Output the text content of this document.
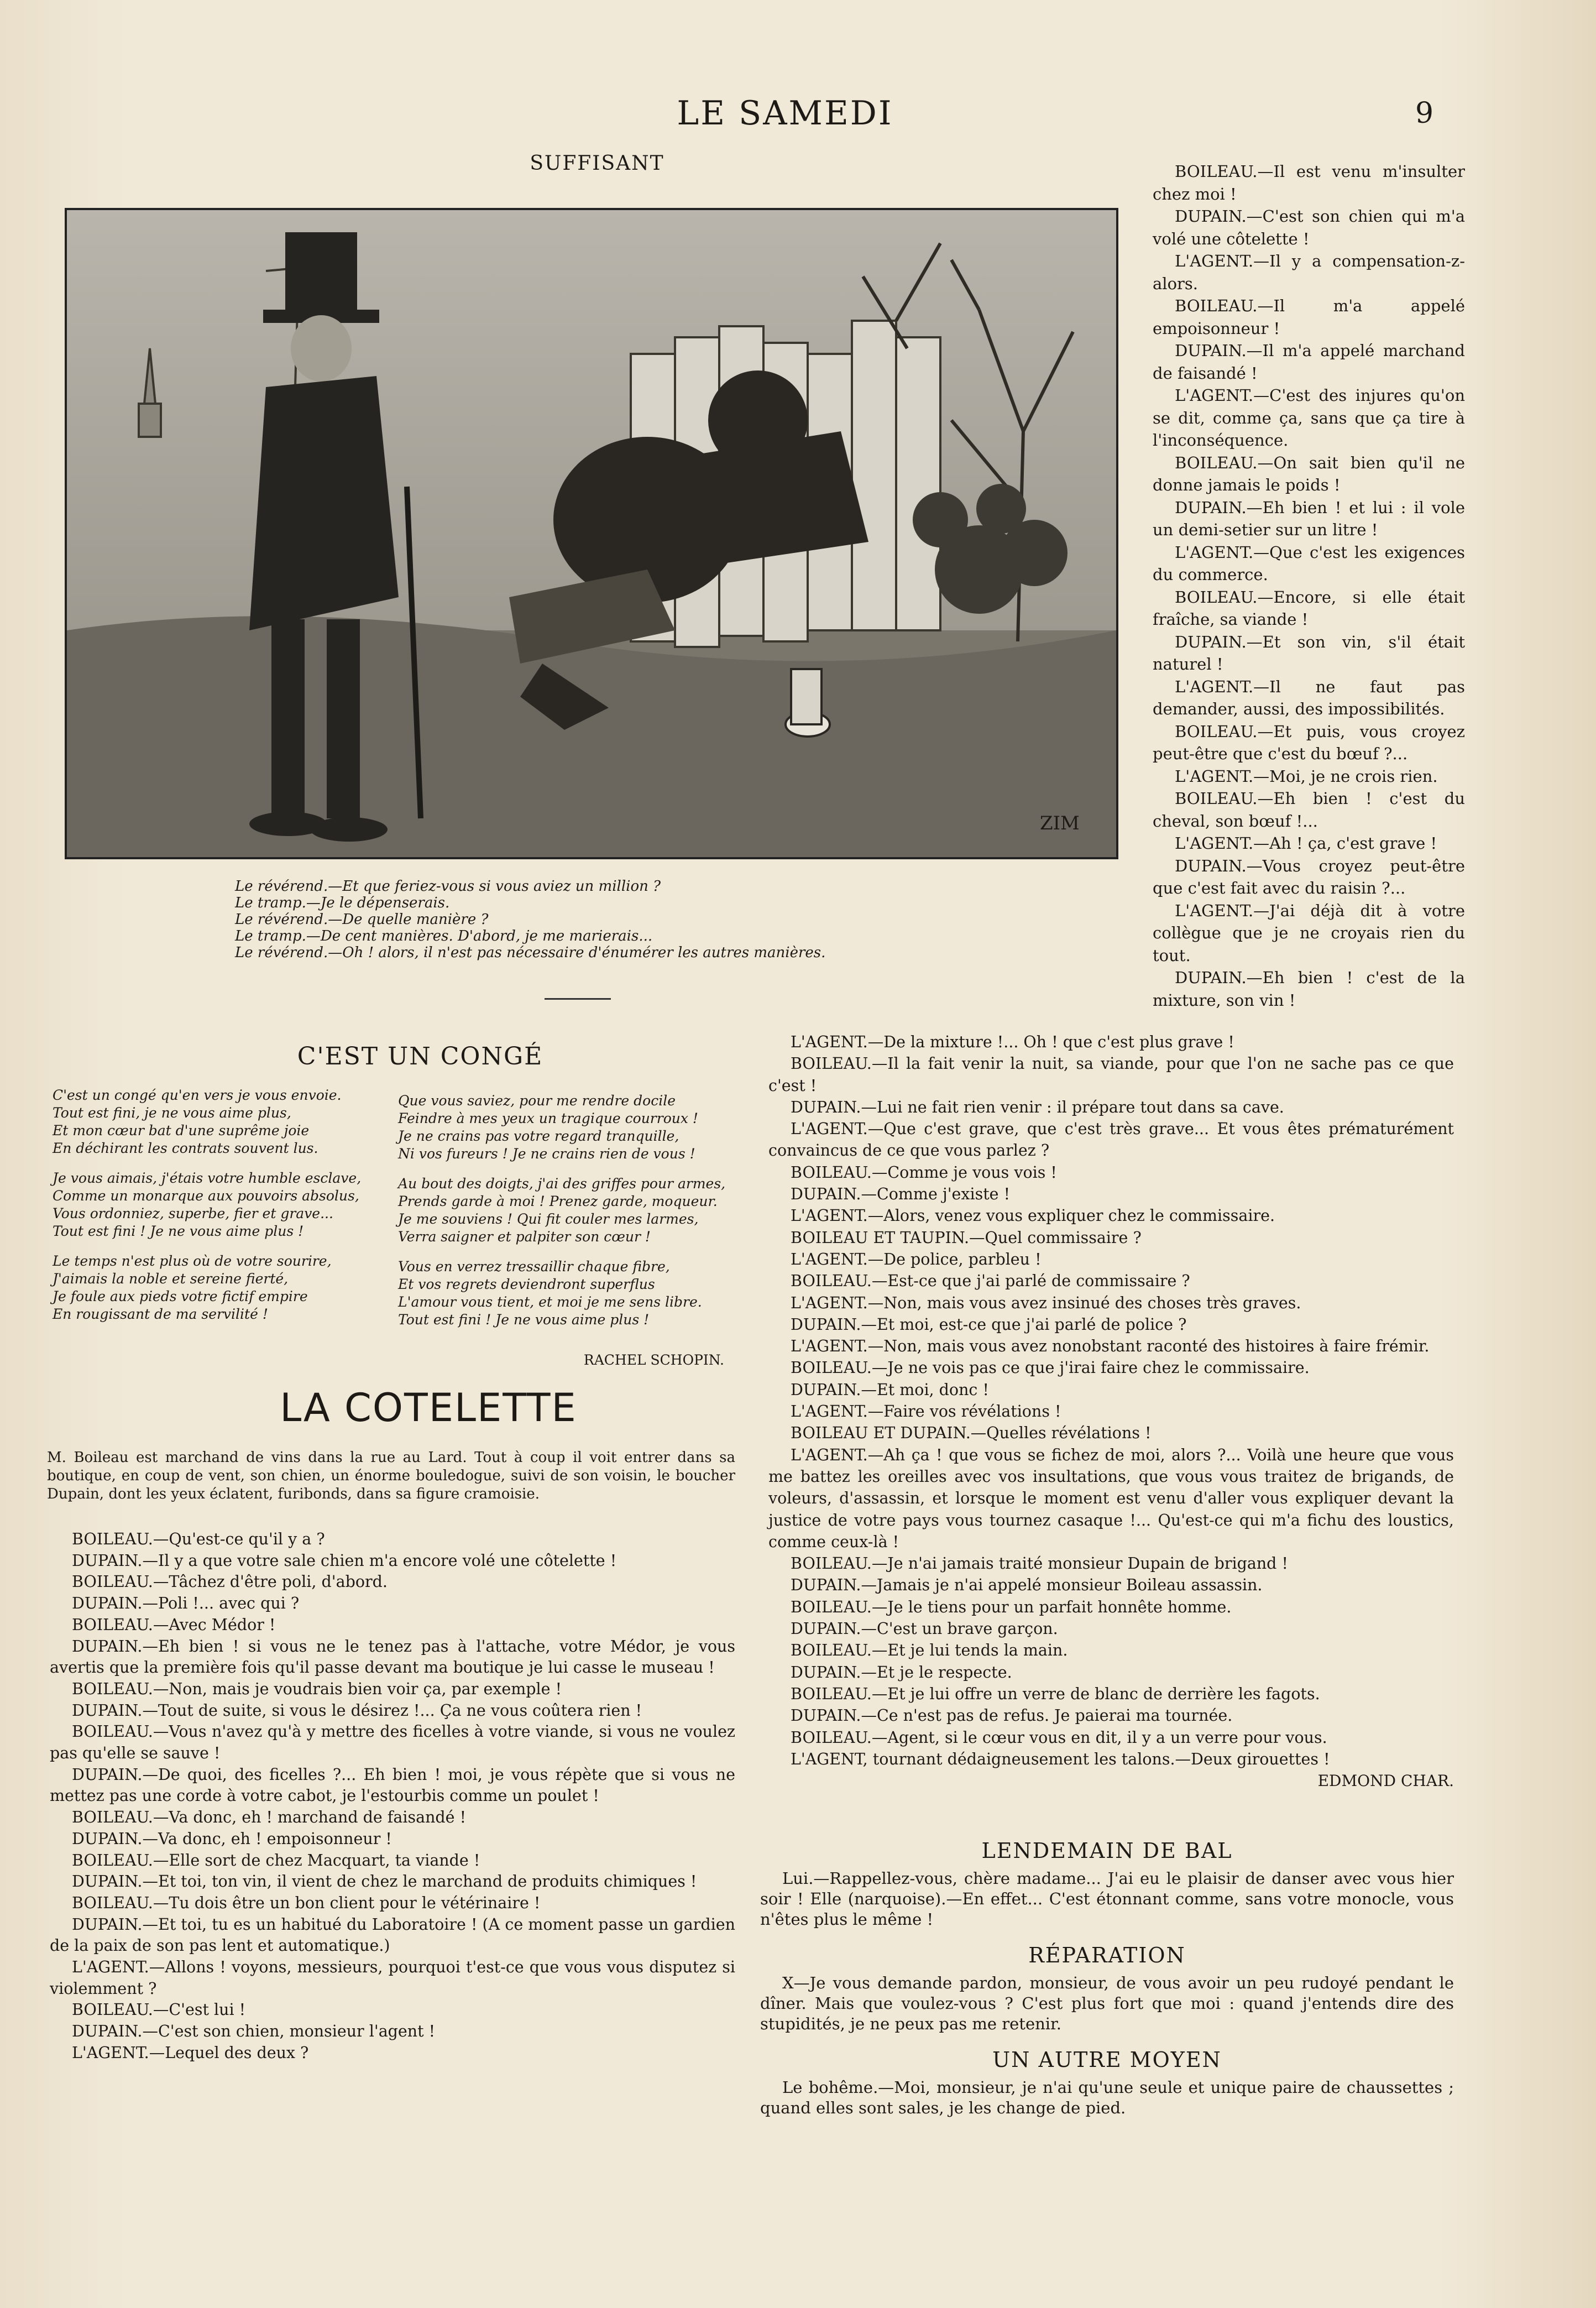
LE SAMEDI	9
SUFFISANT
ZIM
Le révérend.—Et que feriez-vous si vous aviez un million ?
Le tramp.—Je le dépenserais.
Le révérend.—De quelle manière ?
Le tramp.—De cent manières. D'abord, je me marierais...
Le révérend.—Oh ! alors, il n'est pas nécessaire d'énumérer les autres manières.
BOILEAU.—Il est venu m'insulter chez moi !
DUPAIN.—C'est son chien qui m'a volé une côtelette !
L'AGENT.—Il y a compensation-z-alors.
BOILEAU.—Il m'a appelé empoisonneur !
DUPAIN.—Il m'a appelé marchand de faisandé !
L'AGENT.—C'est des injures qu'on se dit, comme ça, sans que ça tire à l'inconséquence.
BOILEAU.—On sait bien qu'il ne donne jamais le poids !
DUPAIN.—Eh bien ! et lui : il vole un demi-setier sur un litre !
L'AGENT.—Que c'est les exigences du commerce.
BOILEAU.—Encore, si elle était fraîche, sa viande !
DUPAIN.—Et son vin, s'il était naturel !
L'AGENT.—Il ne faut pas demander, aussi, des impossibilités.
BOILEAU.—Et puis, vous croyez peut-être que c'est du bœuf ?...
L'AGENT.—Moi, je ne crois rien.
BOILEAU.—Eh bien ! c'est du cheval, son bœuf !...
L'AGENT.—Ah ! ça, c'est grave !
DUPAIN.—Vous croyez peut-être que c'est fait avec du raisin ?...
L'AGENT.—J'ai déjà dit à votre collègue que je ne croyais rien du tout.
DUPAIN.—Eh bien ! c'est de la mixture, son vin !
C'EST UN CONGÉ
C'est un congé qu'en vers je vous envoie.
Tout est fini, je ne vous aime plus,
Et mon cœur bat d'une suprême joie
En déchirant les contrats souvent lus.
Je vous aimais, j'étais votre humble esclave,
Comme un monarque aux pouvoirs absolus,
Vous ordonniez, superbe, fier et grave...
Tout est fini ! Je ne vous aime plus !
Le temps n'est plus où de votre sourire,
J'aimais la noble et sereine fierté,
Je foule aux pieds votre fictif empire
En rougissant de ma servilité !
Que vous saviez, pour me rendre docile
Feindre à mes yeux un tragique courroux !
Je ne crains pas votre regard tranquille,
Ni vos fureurs ! Je ne crains rien de vous !
Au bout des doigts, j'ai des griffes pour armes,
Prends garde à moi ! Prenez garde, moqueur.
Je me souviens ! Qui fit couler mes larmes,
Verra saigner et palpiter son cœur !
Vous en verrez tressaillir chaque fibre,
Et vos regrets deviendront superflus
L'amour vous tient, et moi je me sens libre.
Tout est fini ! Je ne vous aime plus !
RACHEL SCHOPIN.
LA COTELETTE
M. Boileau est marchand de vins dans la rue au Lard. Tout à coup il voit entrer dans sa boutique, en coup de vent, son chien, un énorme bouledogue, suivi de son voisin, le boucher Dupain, dont les yeux éclatent, furibonds, dans sa figure cramoisie.
BOILEAU.—Qu'est-ce qu'il y a ?
DUPAIN.—Il y a que votre sale chien m'a encore volé une côtelette !
BOILEAU.—Tâchez d'être poli, d'abord.
DUPAIN.—Poli !... avec qui ?
BOILEAU.—Avec Médor !
DUPAIN.—Eh bien ! si vous ne le tenez pas à l'attache, votre Médor, je vous avertis que la première fois qu'il passe devant ma boutique je lui casse le museau !
BOILEAU.—Non, mais je voudrais bien voir ça, par exemple !
DUPAIN.—Tout de suite, si vous le désirez !... Ça ne vous coûtera rien !
BOILEAU.—Vous n'avez qu'à y mettre des ficelles à votre viande, si vous ne voulez pas qu'elle se sauve !
DUPAIN.—De quoi, des ficelles ?... Eh bien ! moi, je vous répète que si vous ne mettez pas une corde à votre cabot, je l'estourbis comme un poulet !
BOILEAU.—Va donc, eh ! marchand de faisandé !
DUPAIN.—Va donc, eh ! empoisonneur !
BOILEAU.—Elle sort de chez Macquart, ta viande !
DUPAIN.—Et toi, ton vin, il vient de chez le marchand de produits chimiques !
BOILEAU.—Tu dois être un bon client pour le vétérinaire !
DUPAIN.—Et toi, tu es un habitué du Laboratoire ! (A ce moment passe un gardien de la paix de son pas lent et automatique.)
L'AGENT.—Allons ! voyons, messieurs, pourquoi t'est-ce que vous vous disputez si violemment ?
BOILEAU.—C'est lui !
DUPAIN.—C'est son chien, monsieur l'agent !
L'AGENT.—Lequel des deux ?
L'AGENT.—De la mixture !... Oh ! que c'est plus grave !
BOILEAU.—Il la fait venir la nuit, sa viande, pour que l'on ne sache pas ce que c'est !
DUPAIN.—Lui ne fait rien venir : il prépare tout dans sa cave.
L'AGENT.—Que c'est grave, que c'est très grave... Et vous êtes prématurément convaincus de ce que vous parlez ?
BOILEAU.—Comme je vous vois !
DUPAIN.—Comme j'existe !
L'AGENT.—Alors, venez vous expliquer chez le commissaire.
BOILEAU ET TAUPIN.—Quel commissaire ?
L'AGENT.—De police, parbleu !
BOILEAU.—Est-ce que j'ai parlé de commissaire ?
L'AGENT.—Non, mais vous avez insinué des choses très graves.
DUPAIN.—Et moi, est-ce que j'ai parlé de police ?
L'AGENT.—Non, mais vous avez nonobstant raconté des histoires à faire frémir.
BOILEAU.—Je ne vois pas ce que j'irai faire chez le commissaire.
DUPAIN.—Et moi, donc !
L'AGENT.—Faire vos révélations !
BOILEAU ET DUPAIN.—Quelles révélations !
L'AGENT.—Ah ça ! que vous se fichez de moi, alors ?... Voilà une heure que vous me battez les oreilles avec vos insultations, que vous vous traitez de brigands, de voleurs, d'assassin, et lorsque le moment est venu d'aller vous expliquer devant la justice de votre pays vous tournez casaque !... Qu'est-ce qui m'a fichu des loustics, comme ceux-là !
BOILEAU.—Je n'ai jamais traité monsieur Dupain de brigand !
DUPAIN.—Jamais je n'ai appelé monsieur Boileau assassin.
BOILEAU.—Je le tiens pour un parfait honnête homme.
DUPAIN.—C'est un brave garçon.
BOILEAU.—Et je lui tends la main.
DUPAIN.—Et je le respecte.
BOILEAU.—Et je lui offre un verre de blanc de derrière les fagots.
DUPAIN.—Ce n'est pas de refus. Je paierai ma tournée.
BOILEAU.—Agent, si le cœur vous en dit, il y a un verre pour vous.
L'AGENT, tournant dédaigneusement les talons.—Deux girouettes !
EDMOND CHAR.
LENDEMAIN DE BAL
Lui.—Rappellez-vous, chère madame... J'ai eu le plaisir de danser avec vous hier soir ! Elle (narquoise).—En effet... C'est étonnant comme, sans votre monocle, vous n'êtes plus le même !
RÉPARATION
X—Je vous demande pardon, monsieur, de vous avoir un peu rudoyé pendant le dîner. Mais que voulez-vous ? C'est plus fort que moi : quand j'entends dire des stupidités, je ne peux pas me retenir.
UN AUTRE MOYEN
Le bohême.—Moi, monsieur, je n'ai qu'une seule et unique paire de chaussettes ; quand elles sont sales, je les change de pied.
